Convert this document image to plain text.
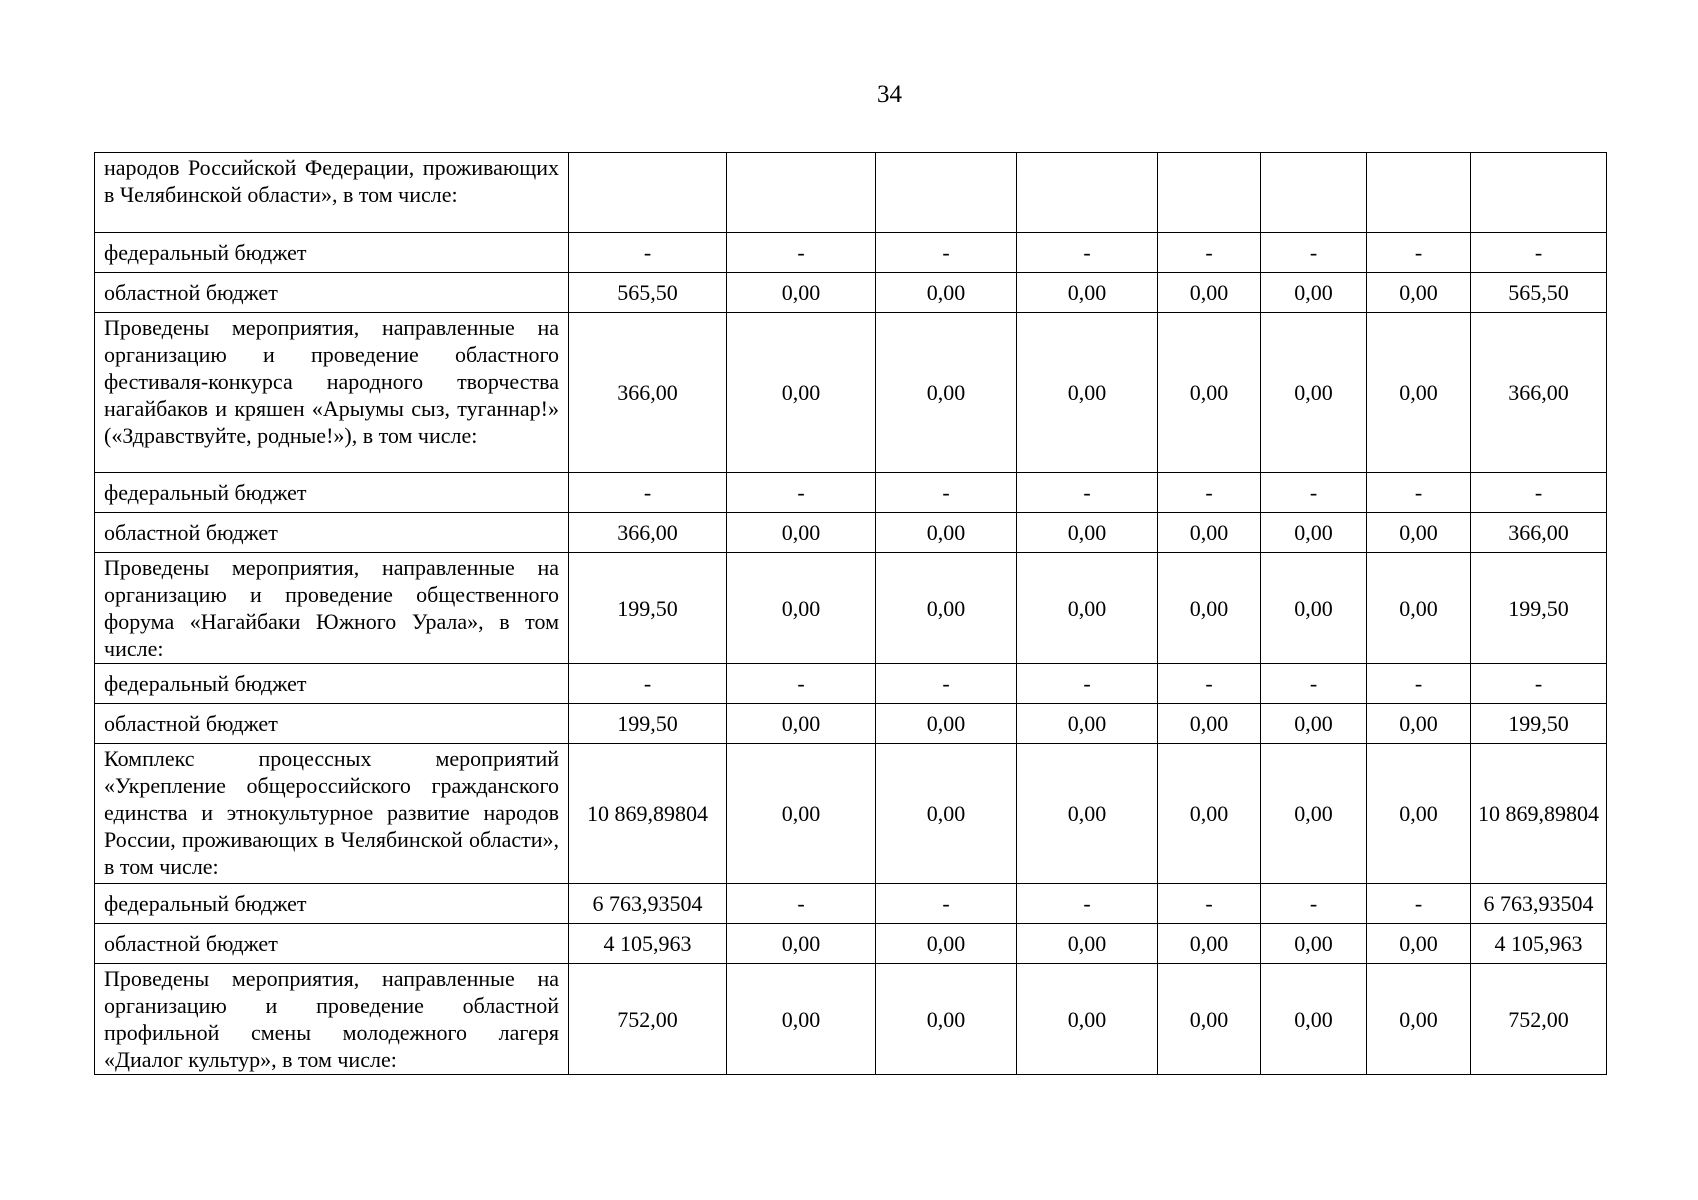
34
народов Российской Федерации, проживающих в Челябинской области», в том числе:								
федеральный бюджет	-	-	-	-	-	-	-	-
областной бюджет	565,50	0,00	0,00	0,00	0,00	0,00	0,00	565,50
Проведены мероприятия, направленные на организацию и проведение областного фестиваля-конкурса народного творчества нагайбаков и кряшен «Арыумы сыз, туганнар!» («Здравствуйте, родные!»), в том числе:	366,00	0,00	0,00	0,00	0,00	0,00	0,00	366,00
федеральный бюджет	-	-	-	-	-	-	-	-
областной бюджет	366,00	0,00	0,00	0,00	0,00	0,00	0,00	366,00
Проведены мероприятия, направленные на организацию и проведение общественного форума «Нагайбаки Южного Урала», в том числе:	199,50	0,00	0,00	0,00	0,00	0,00	0,00	199,50
федеральный бюджет	-	-	-	-	-	-	-	-
областной бюджет	199,50	0,00	0,00	0,00	0,00	0,00	0,00	199,50
Комплекс процессных мероприятий «Укрепление общероссийского гражданского единства и этнокультурное развитие народов России, проживающих в Челябинской области», в том числе:	10 869,89804	0,00	0,00	0,00	0,00	0,00	0,00	10 869,89804
федеральный бюджет	6 763,93504	-	-	-	-	-	-	6 763,93504
областной бюджет	4 105,963	0,00	0,00	0,00	0,00	0,00	0,00	4 105,963
Проведены мероприятия, направленные на организацию и проведение областной профильной смены молодежного лагеря «Диалог культур», в том числе:	752,00	0,00	0,00	0,00	0,00	0,00	0,00	752,00
